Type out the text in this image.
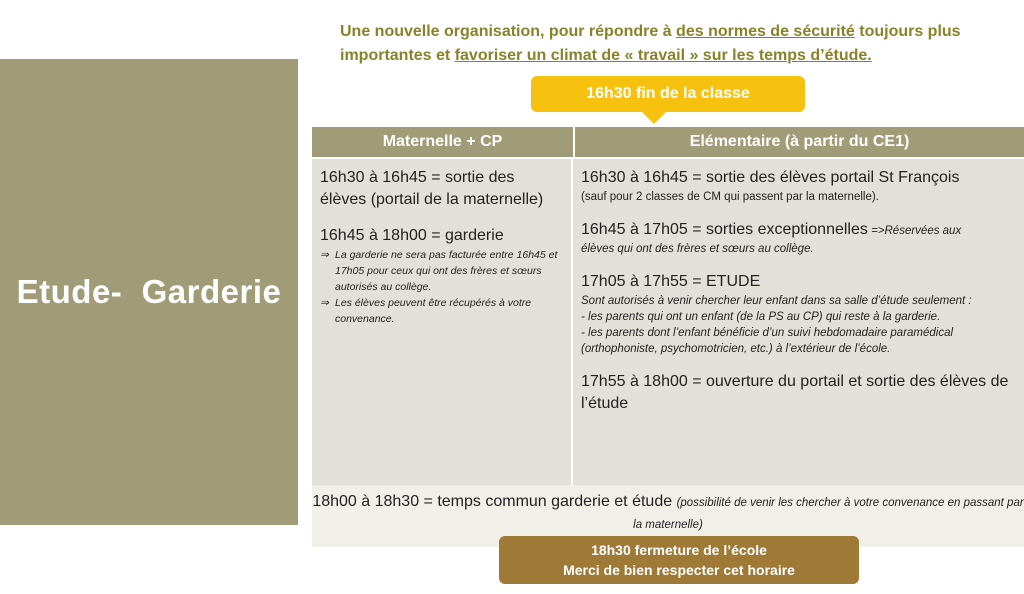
Etude-  Garderie
Une nouvelle organisation, pour répondre à des normes de sécurité toujours plus importantes et favoriser un climat de « travail » sur les temps d’étude.
16h30 fin de la classe
Maternelle + CP	Elémentaire (à partir du CE1)
16h30 à 16h45 = sortie des élèves (portail de la maternelle)
16h45 à 18h00 = garderie
⇒ La garderie ne sera pas facturée entre 16h45 et 17h05 pour ceux qui ont des frères et sœurs autorisés au collège.
⇒ Les élèves peuvent être récupérés à votre convenance.
16h30 à 16h45 = sortie des élèves portail St François
(sauf pour 2 classes de CM qui passent par la maternelle).
16h45 à 17h05 = sorties exceptionnelles =>Réservées aux
élèves qui ont des frères et sœurs au collège.
17h05 à 17h55 = ETUDE
Sont autorisés à venir chercher leur enfant dans sa salle d’étude seulement :
- les parents qui ont un enfant (de la PS au CP) qui reste à la garderie.
- les parents dont l’enfant bénéficie d’un suivi hebdomadaire paramédical (orthophoniste, psychomotricien, etc.) à l’extérieur de l’école.
17h55 à 18h00 = ouverture du portail et sortie des élèves de l’étude
18h00 à 18h30 = temps commun garderie et étude (possibilité de venir les chercher à votre convenance en passant par la maternelle)
18h30 fermeture de l’école
Merci de bien respecter cet horaire
